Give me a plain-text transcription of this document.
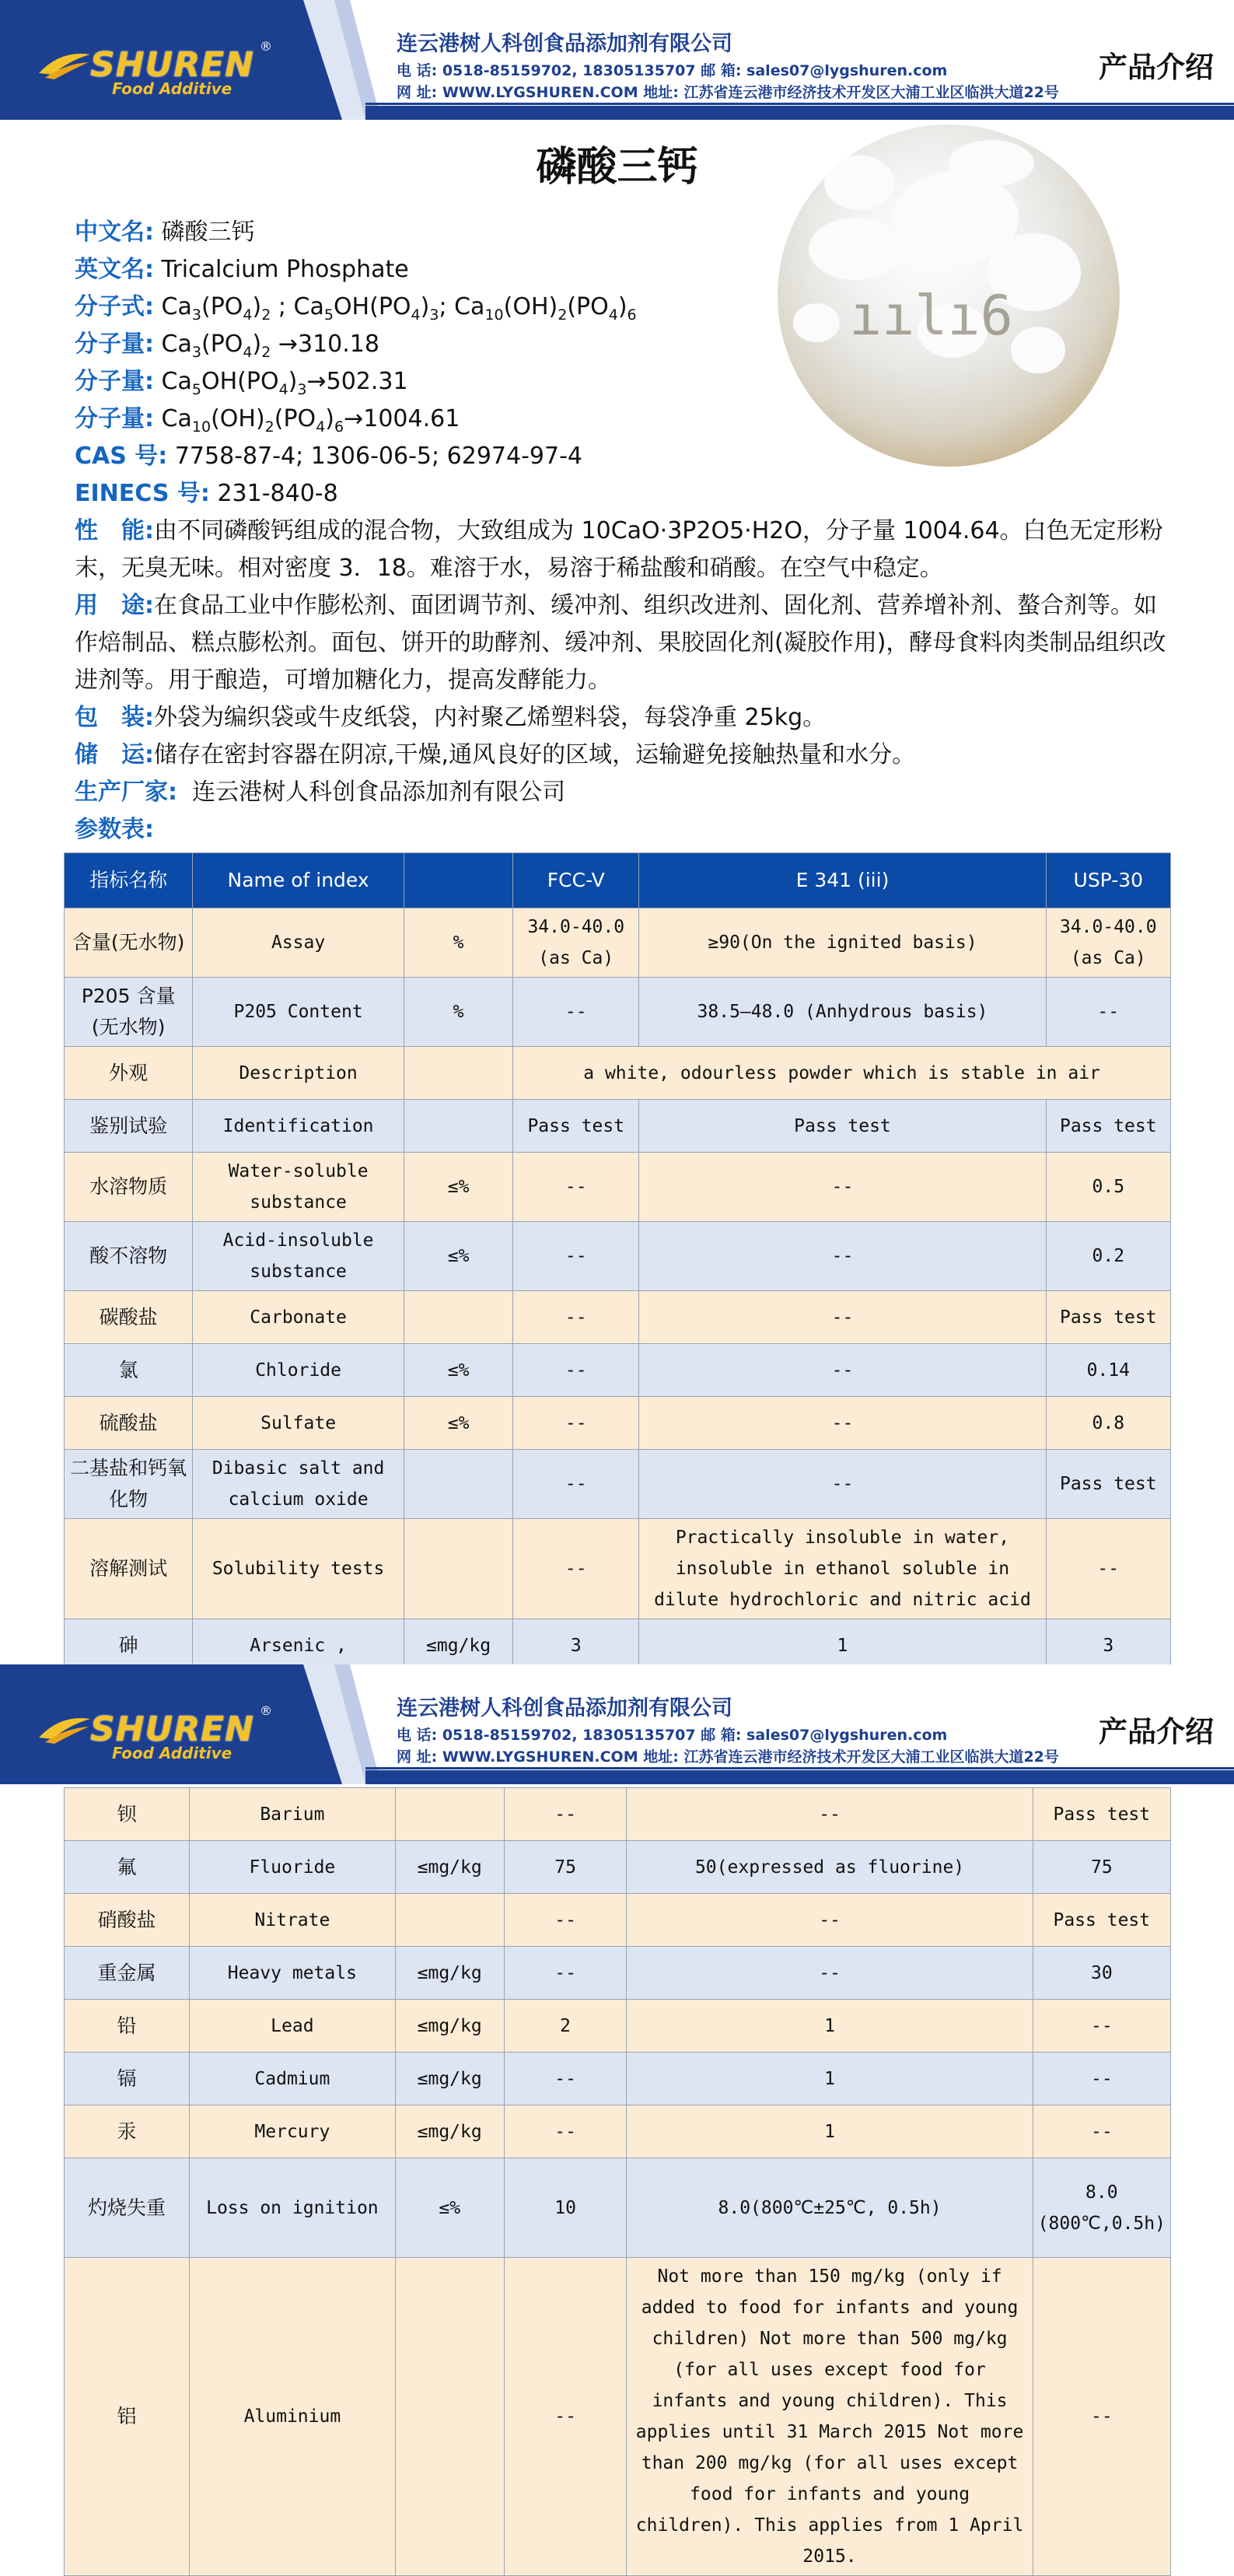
SHUREN
Food Additive
®	连云港树人科创食品添加剂有限公司
电 话: 0518-85159702, 18305135707 邮 箱: sales07@lygshuren.com
网 址: WWW.LYGSHUREN.COM 地址: 江苏省连云港市经济技术开发区大浦工业区临洪大道22号
产品介绍
磷酸三钙
ıılı6
中文名: 磷酸三钙
英文名: Tricalcium Phosphate
分子式: $Ca_3(PO_4)_2$ ; $Ca_5OH(PO_4)_3$; $Ca_{10}(OH)_2(PO_4)_6$
分子量: $Ca_3(PO_4)_2 \to 310.18$
分子量: $Ca_5OH(PO_4)_3\to 502.31$
分子量: $Ca_{10}(OH)_2(PO_4)_6\to 1004.61$
CAS 号: 7758-87-4; 1306-06-5; 62974-97-4
EINECS 号: 231-840-8
性　能:由不同磷酸钙组成的混合物，大致组成为 10CaO·3P2O5·H2O，分子量 1004.64。白色无定形粉末，无臭无味。相对密度 3．18。难溶于水，易溶于稀盐酸和硝酸。在空气中稳定。
用　途:在食品工业中作膨松剂、面团调节剂、缓冲剂、组织改进剂、固化剂、营养增补剂、螯合剂等。如作焙制品、糕点膨松剂。面包、饼开的助酵剂、缓冲剂、果胶固化剂(凝胶作用)，酵母食料肉类制品组织改进剂等。用于酿造，可增加糖化力，提高发酵能力。
包　装:外袋为编织袋或牛皮纸袋，内衬聚乙烯塑料袋，每袋净重 25kg。
储　运:储存在密封容器在阴凉,干燥,通风良好的区域，运输避免接触热量和水分。
生产厂家: 连云港树人科创食品添加剂有限公司
参数表:
指标名称	Name of index		FCC-V	E 341 (iii)	USP-30
含量(无水物)	Assay	%	34.0-40.0 (as Ca)	≥90(On the ignited basis)	34.0-40.0 (as Ca)
P205 含量(无水物)	P205 Content	%	--	38.5—48.0 (Anhydrous basis)	--
外观	Description		a white, odourless powder which is stable in air		
鉴别试验	Identification		Pass test	Pass test	Pass test
水溶物质	Water-soluble substance	≤%	--	--	0.5
酸不溶物	Acid-insoluble substance	≤%	--	--	0.2
碳酸盐	Carbonate		--	--	Pass test
氯	Chloride	≤%	--	--	0.14
硫酸盐	Sulfate	≤%	--	--	0.8
二基盐和钙氧化物	Dibasic salt and calcium oxide		--	--	Pass test
溶解测试	Solubility tests		--	Practically insoluble in water, insoluble in ethanol soluble in dilute hydrochloric and nitric acid	--
砷	Arsenic ,	≤mg/kg	3	1	3
SHUREN
Food Additive
®	连云港树人科创食品添加剂有限公司
电 话: 0518-85159702, 18305135707 邮 箱: sales07@lygshuren.com
网 址: WWW.LYGSHUREN.COM 地址: 江苏省连云港市经济技术开发区大浦工业区临洪大道22号
产品介绍
钡	Barium		--	--	Pass test
氟	Fluoride	≤mg/kg	75	50(expressed as fluorine)	75
硝酸盐	Nitrate		--	--	Pass test
重金属	Heavy metals	≤mg/kg	--	--	30
铅	Lead	≤mg/kg	2	1	--
镉	Cadmium	≤mg/kg	--	1	--
汞	Mercury	≤mg/kg	--	1	--
灼烧失重	Loss on ignition	≤%	10	8.0(800℃±25℃, 0.5h)	8.0 (800℃,0.5h)
铝	Aluminium		--	Not more than 150 mg/kg (only if added to food for infants and young children) Not more than 500 mg/kg (for all uses except food for infants and young children). This applies until 31 March 2015 Not more than 200 mg/kg (for all uses except food for infants and young children). This applies from 1 April 2015.	--
